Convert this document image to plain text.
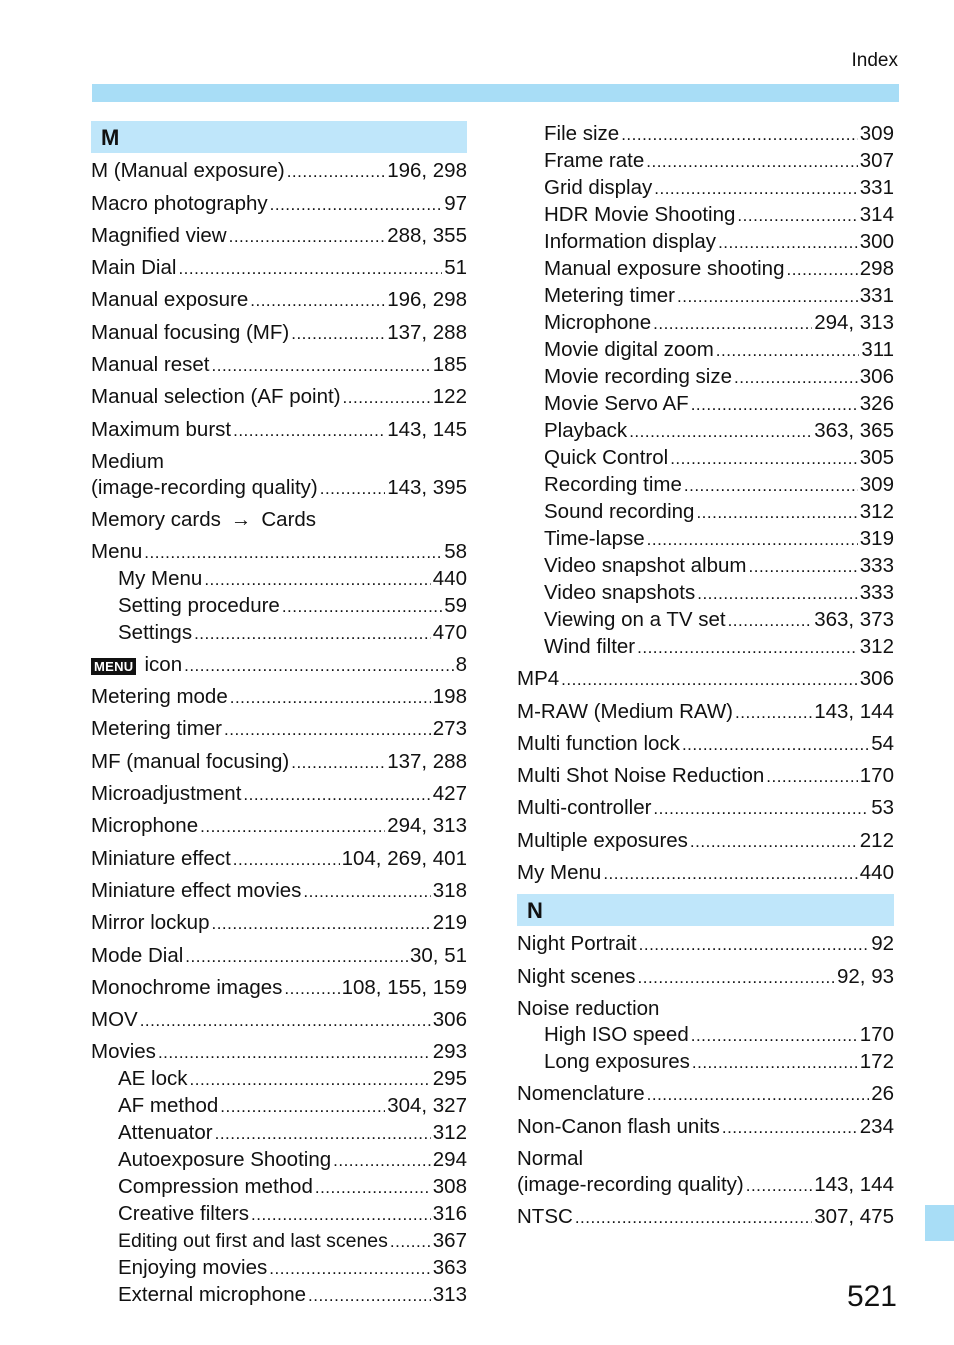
Index
521
M
M (Manual exposure) .....	196, 298
Macro photography .....	97
Magnified view .....	288, 355
Main Dial .....	51
Manual exposure .....	196, 298
Manual focusing (MF) .....	137, 288
Manual reset .....	185
Manual selection (AF point) .....	122
Maximum burst .....	143, 145
Medium
(image-recording quality) .....	143, 395
Memory cards → Cards
Menu .....	58
My Menu .....	440
Setting procedure .....	59
Settings .....	470
MENU icon .....	8
Metering mode .....	198
Metering timer .....	273
MF (manual focusing) .....	137, 288
Microadjustment .....	427
Microphone .....	294, 313
Miniature effect .....	104, 269, 401
Miniature effect movies .....	318
Mirror lockup .....	219
Mode Dial .....	30, 51
Monochrome images .....	108, 155, 159
MOV .....	306
Movies .....	293
AE lock .....	295
AF method .....	304, 327
Attenuator .....	312
Autoexposure Shooting .....	294
Compression method .....	308
Creative filters .....	316
Editing out first and last scenes ..... 367
Enjoying movies .....	363
External microphone .....	313
File size .....	309
Frame rate .....	307
Grid display .....	331
HDR Movie Shooting .....	314
Information display .....	300
Manual exposure shooting .....	298
Metering timer .....	331
Microphone .....	294, 313
Movie digital zoom .....	311
Movie recording size .....	306
Movie Servo AF .....	326
Playback .....	363, 365
Quick Control .....	305
Recording time .....	309
Sound recording .....	312
Time-lapse .....	319
Video snapshot album .....	333
Video snapshots .....	333
Viewing on a TV set .....	363, 373
Wind filter .....	312
MP4 .....	306
M-RAW (Medium RAW) .....	143, 144
Multi function lock .....	54
Multi Shot Noise Reduction .....	170
Multi-controller .....	53
Multiple exposures .....	212
My Menu .....	440
N
Night Portrait .....	92
Night scenes .....	92, 93
Noise reduction
High ISO speed .....	170
Long exposures .....	172
Nomenclature .....	26
Non-Canon flash units .....	234
Normal
(image-recording quality) .....	143, 144
NTSC .....	307, 475
